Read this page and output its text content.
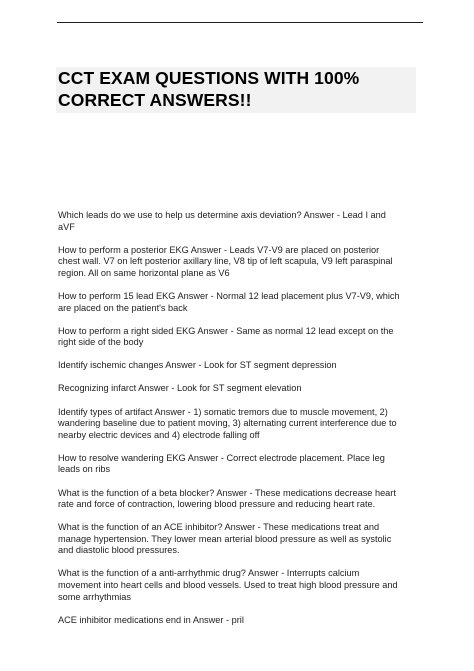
CCT EXAM QUESTIONS WITH 100%
CORRECT ANSWERS!!
Which leads do we use to help us determine axis deviation? Answer - Lead I and
aVF
How to perform a posterior EKG Answer - Leads V7-V9 are placed on posterior
chest wall. V7 on left posterior axillary line, V8 tip of left scapula, V9 left paraspinal
region. All on same horizontal plane as V6
How to perform 15 lead EKG Answer - Normal 12 lead placement plus V7-V9, which
are placed on the patient's back
How to perform a right sided EKG Answer - Same as normal 12 lead except on the
right side of the body
Identify ischemic changes Answer - Look for ST segment depression
Recognizing infarct Answer - Look for ST segment elevation
Identify types of artifact Answer - 1) somatic tremors due to muscle movement, 2)
wandering baseline due to patient moving, 3) alternating current interference due to
nearby electric devices and 4) electrode falling off
How to resolve wandering EKG Answer - Correct electrode placement. Place leg
leads on ribs
What is the function of a beta blocker? Answer - These medications decrease heart
rate and force of contraction, lowering blood pressure and reducing heart rate.
What is the function of an ACE inhibitor? Answer - These medications treat and
manage hypertension. They lower mean arterial blood pressure as well as systolic
and diastolic blood pressures.
What is the function of a anti-arrhythmic drug? Answer - Interrupts calcium
movement into heart cells and blood vessels. Used to treat high blood pressure and
some arrhythmias
ACE inhibitor medications end in Answer - pril
